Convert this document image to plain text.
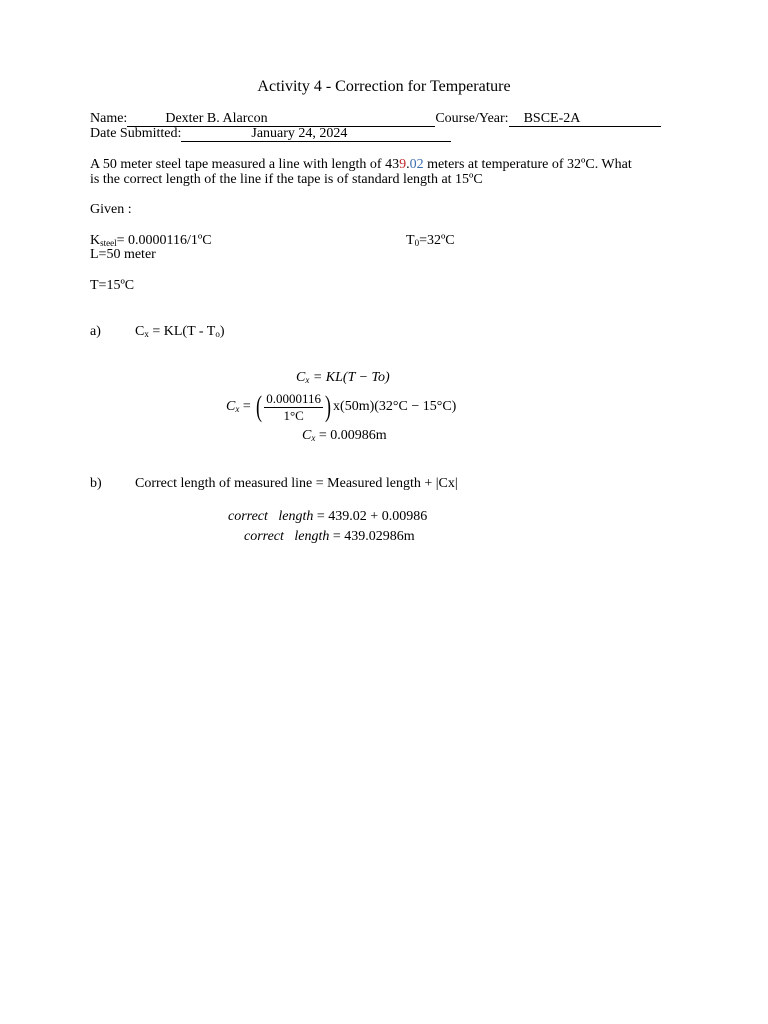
Activity 4 - Correction for Temperature
Name:	Dexter B. Alarcon	Course/Year: BSCE-2A
Date Submitted:	January 24, 2024
A 50 meter steel tape measured a line with length of 439.02 meters at temperature of 32ºC. What
is the correct length of the line if the tape is of standard length at 15ºC
Given :
$K_{steel}=$ 0.0000116/1ºC	$T_0=32ºC$
L=50 meter
T=15ºC
a) $C_x = KL(T - T_o)$
$C_x = KL(T - To)$
$C_x$ = ( $\frac{0.0000116}{1^\circ C}$ ) x(50m)(32°C − 15°C)
$C_x = 0.00986m$
b) Correct length of measured line = Measured length + |Cx|
correct   length = 439.02 + 0.00986
correct   length = 439.02986m
